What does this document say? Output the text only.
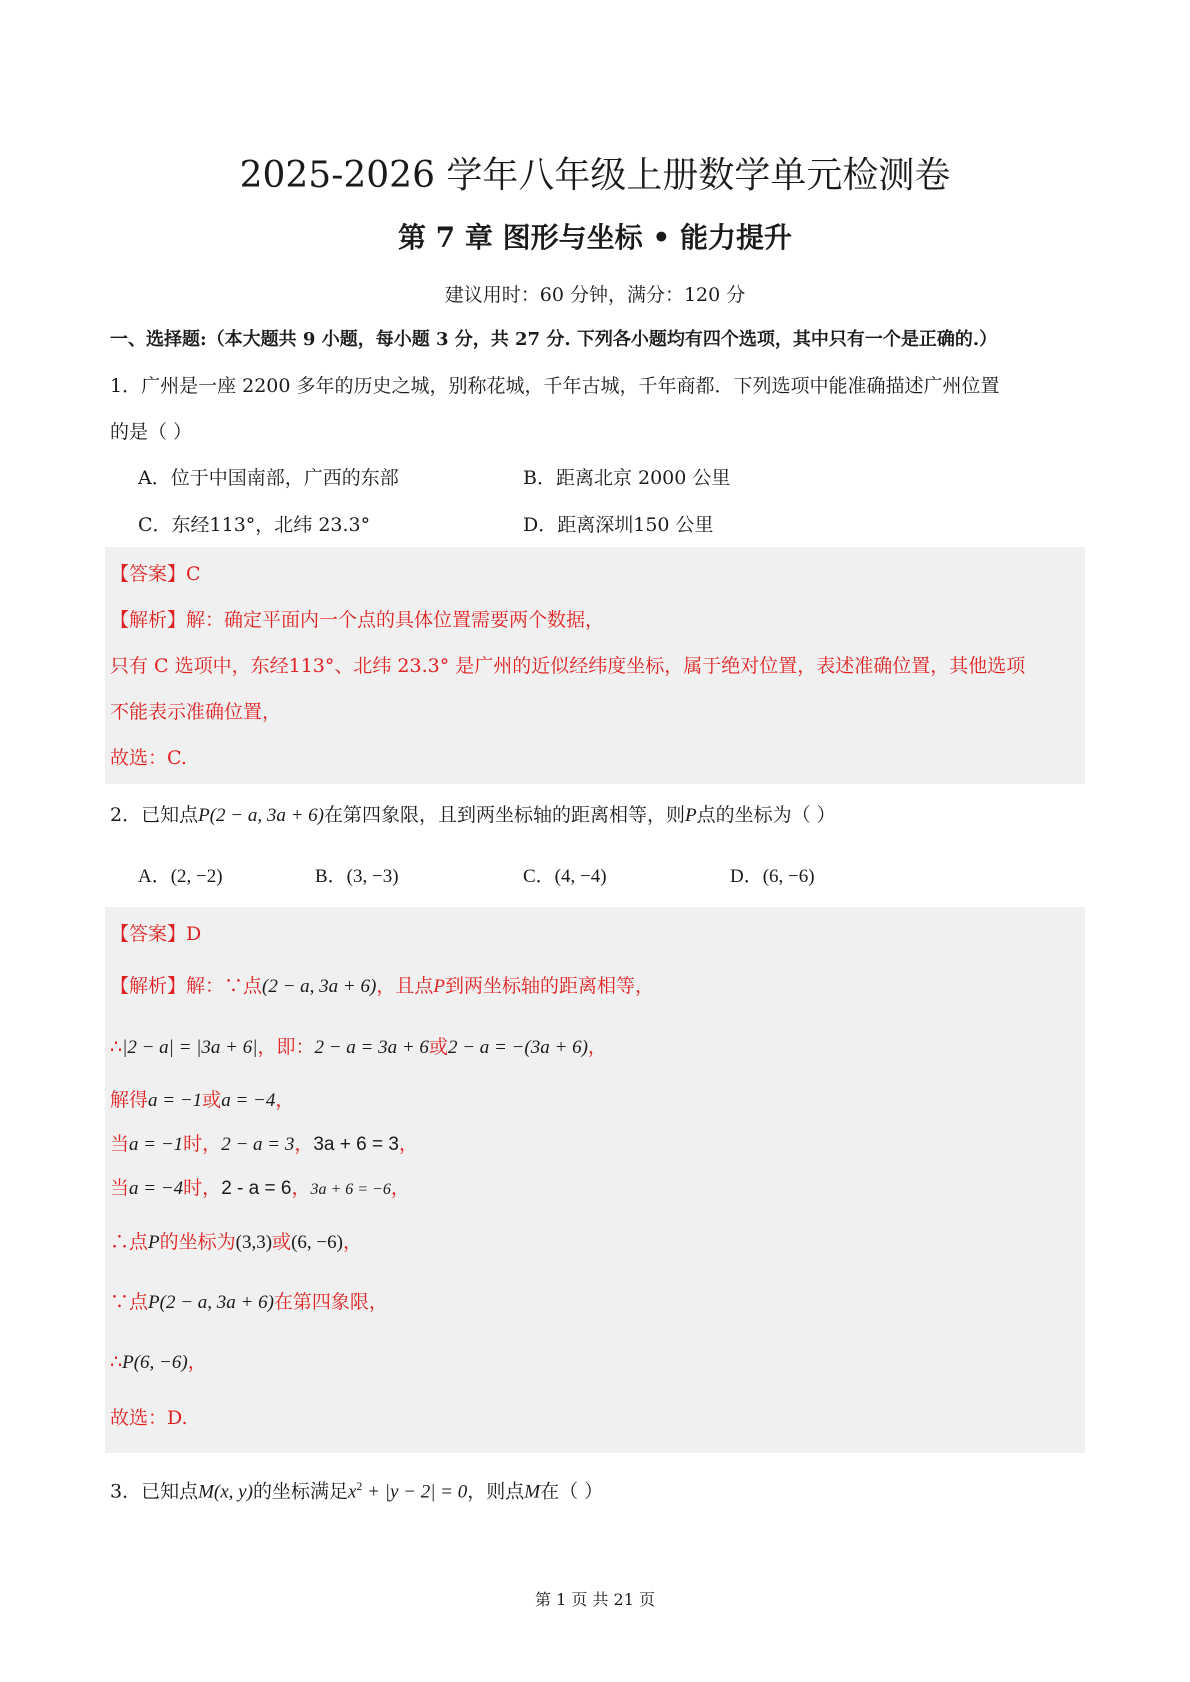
2025-2026 学年八年级上册数学单元检测卷
第 7 章 图形与坐标 • 能力提升
建议用时：60 分钟，满分：120 分
一、选择题:（本大题共 9 小题，每小题 3 分，共 27 分. 下列各小题均有四个选项，其中只有一个是正确的.）
1．广州是一座 2200 多年的历史之城，别称花城，千年古城，千年商都．下列选项中能准确描述广州位置
的是（ ）
A．位于中国南部，广西的东部	B．距离北京 2000 公里
C．东经113°，北纬 23.3°	D．距离深圳150 公里
【答案】C
【解析】解：确定平面内一个点的具体位置需要两个数据，
只有 C 选项中，东经113°、北纬 23.3° 是广州的近似经纬度坐标，属于绝对位置，表述准确位置，其他选项
不能表示准确位置，
故选：C.
2．已知点P(2 − a, 3a + 6)在第四象限，且到两坐标轴的距离相等，则P点的坐标为（ ）
A．(2, −2)	B．(3, −3)	C．(4, −4)	D．(6, −6)
【答案】D
【解析】解：∵点(2 − a, 3a + 6)，且点P到两坐标轴的距离相等，
∴|2 − a| = |3a + 6|，即：2 − a = 3a + 6或2 − a = −(3a + 6)，
解得a = −1或a = −4，
当a = −1时，2 − a = 3，3a + 6 = 3，
当a = −4时，2 - a = 6，3a + 6 = −6，
∴点P的坐标为(3,3)或(6, −6)，
∵点P(2 − a, 3a + 6)在第四象限，
∴P(6, −6)，
故选：D.
3．已知点M(x, y)的坐标满足$x^2 + |y - 2| = 0$，则点M在（ ）
第 1 页 共 21 页
